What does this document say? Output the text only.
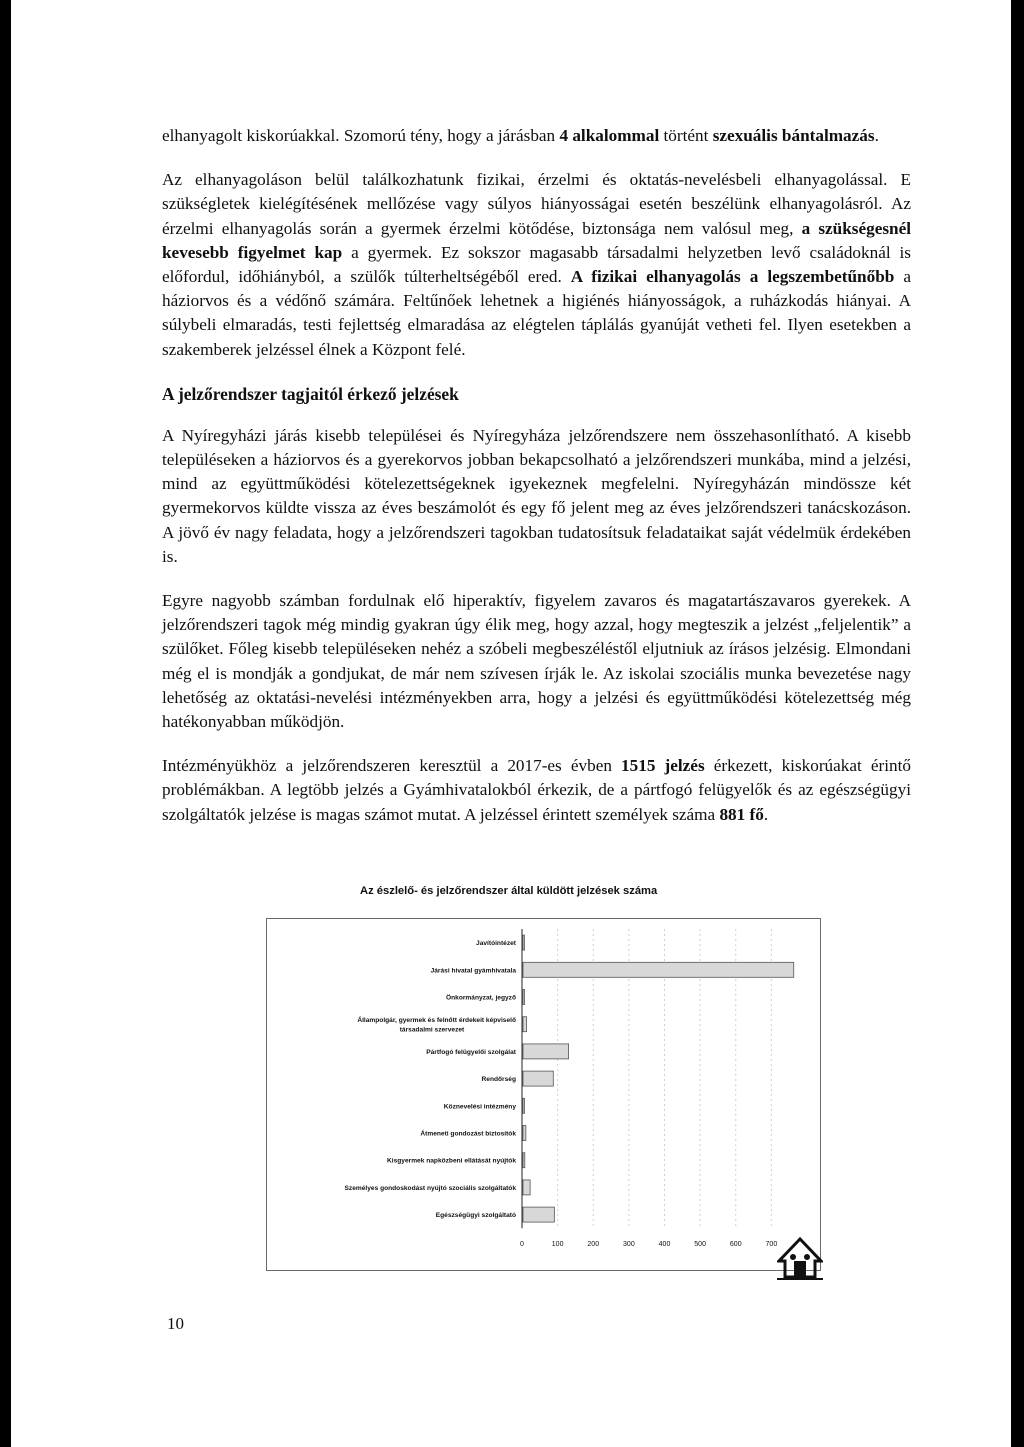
elhanyagolt kiskorúakkal. Szomorú tény, hogy a járásban 4 alkalommal történt szexuális bántalmazás.

Az elhanyagoláson belül találkozhatunk fizikai, érzelmi és oktatás-nevelésbeli elhanyagolással. E szükségletek kielégítésének mellőzése vagy súlyos hiányosságai esetén beszélünk elhanyagolásról. Az érzelmi elhanyagolás során a gyermek érzelmi kötődése, biztonsága nem valósul meg, a szükségesnél kevesebb figyelmet kap a gyermek. Ez sokszor magasabb társadalmi helyzetben levő családoknál is előfordul, időhiányból, a szülők túlterheltségéből ered. A fizikai elhanyagolás a legszembetűnőbb a háziorvos és a védőnő számára. Feltűnőek lehetnek a higiénés hiányosságok, a ruházkodás hiányai. A súlybeli elmaradás, testi fejlettség elmaradása az elégtelen táplálás gyanúját vetheti fel. Ilyen esetekben a szakemberek jelzéssel élnek a Központ felé.

A jelzőrendszer tagjaitól érkező jelzések

A Nyíregyházi járás kisebb települései és Nyíregyháza jelzőrendszere nem összehasonlítható. A kisebb településeken a háziorvos és a gyerekorvos jobban bekapcsolható a jelzőrendszeri munkába, mind a jelzési, mind az együttműködési kötelezettségeknek igyekeznek megfelelni. Nyíregyházán mindössze két gyermekorvos küldte vissza az éves beszámolót és egy fő jelent meg az éves jelzőrendszeri tanácskozáson. A jövő év nagy feladata, hogy a jelzőrendszeri tagokban tudatosítsuk feladataikat saját védelmük érdekében is.

Egyre nagyobb számban fordulnak elő hiperaktív, figyelem zavaros és magatartászavaros gyerekek. A jelzőrendszeri tagok még mindig gyakran úgy élik meg, hogy azzal, hogy megteszik a jelzést „feljelentik” a szülőket. Főleg kisebb településeken nehéz a szóbeli megbeszéléstől eljutniuk az írásos jelzésig. Elmondani még el is mondják a gondjukat, de már nem szívesen írják le. Az iskolai szociális munka bevezetése nagy lehetőség az oktatási-nevelési intézményekben arra, hogy a jelzési és együttműködési kötelezettség még hatékonyabban működjön.

Intézményükhöz a jelzőrendszeren keresztül a 2017-es évben 1515 jelzés érkezett, kiskorúakat érintő problémákban. A legtöbb jelzés a Gyámhivatalokból érkezik, de a pártfogó felügyelők és az egészségügyi szolgáltatók jelzése is magas számot mutat. A jelzéssel érintett személyek száma 881 fő.

Az észlelő- és jelzőrendszer által küldött jelzések száma
0	100	200	300	400	500	600	700
Javítóintézet
Járási hivatal gyámhivatala
Önkormányzat, jegyző
Állampolgár, gyermek és felnőtt érdekeit képviselő társadalmi szervezet
Pártfogó felügyelői szolgálat
Rendőrség
Köznevelési intézmény
Átmeneti gondozást biztosítók
Kisgyermek napközbeni ellátását nyújtók
Személyes gondoskodást nyújtó szociális szolgáltatók
Egészségügyi szolgáltató
10
